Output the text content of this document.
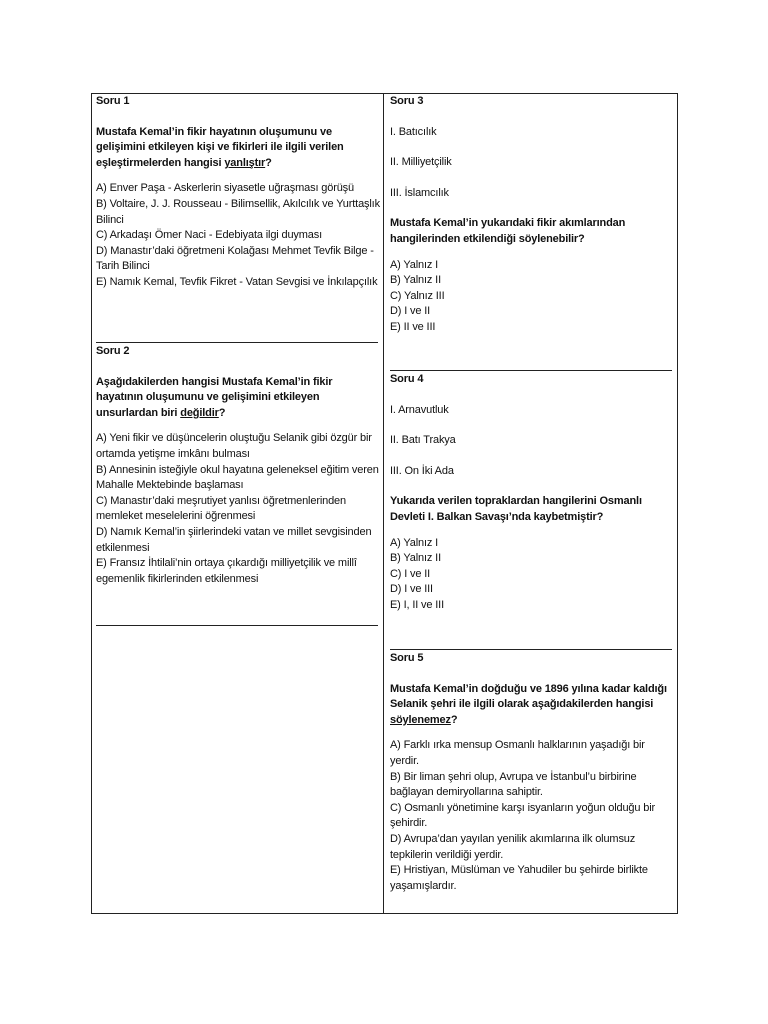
Soru 1

Mustafa Kemal’in fikir hayatının oluşumunu ve gelişimini etkileyen kişi ve fikirleri ile ilgili verilen eşleştirmelerden hangisi yanlıştır?

A) Enver Paşa - Askerlerin siyasetle uğraşması görüşü
B) Voltaire, J. J. Rousseau - Bilimsellik, Akılcılık ve Yurttaşlık Bilinci
C) Arkadaşı Ömer Naci - Edebiyata ilgi duyması
D) Manastır’daki öğretmeni Kolağası Mehmet Tevfik Bilge - Tarih Bilinci
E) Namık Kemal, Tevfik Fikret - Vatan Sevgisi ve İnkılapçılık

Soru 2

Aşağıdakilerden hangisi Mustafa Kemal’in fikir hayatının oluşumunu ve gelişimini etkileyen unsurlardan biri değildir?

A) Yeni fikir ve düşüncelerin oluştuğu Selanik gibi özgür bir ortamda yetişme imkânı bulması
B) Annesinin isteğiyle okul hayatına geleneksel eğitim veren Mahalle Mektebinde başlaması
C) Manastır’daki meşrutiyet yanlısı öğretmenlerinden memleket meselelerini öğrenmesi
D) Namık Kemal’in şiirlerindeki vatan ve millet sevgisinden etkilenmesi
E) Fransız İhtilali’nin ortaya çıkardığı milliyetçilik ve millî egemenlik fikirlerinden etkilenmesi

Soru 3

I. Batıcılık

II. Milliyetçilik

III. İslamcılık

Mustafa Kemal’in yukarıdaki fikir akımlarından hangilerinden etkilendiği söylenebilir?

A) Yalnız I
B) Yalnız II
C) Yalnız III
D) I ve II
E) II ve III

Soru 4

I. Arnavutluk

II. Batı Trakya

III. On İki Ada

Yukarıda verilen topraklardan hangilerini Osmanlı Devleti I. Balkan Savaşı’nda kaybetmiştir?

A) Yalnız I
B) Yalnız II
C) I ve II
D) I ve III
E) I, II ve III

Soru 5

Mustafa Kemal’in doğduğu ve 1896 yılına kadar kaldığı Selanik şehri ile ilgili olarak aşağıdakilerden hangisi söylenemez?

A) Farklı ırka mensup Osmanlı halklarının yaşadığı bir yerdir.
B) Bir liman şehri olup, Avrupa ve İstanbul’u birbirine bağlayan demiryollarına sahiptir.
C) Osmanlı yönetimine karşı isyanların yoğun olduğu bir şehirdir.
D) Avrupa’dan yayılan yenilik akımlarına ilk olumsuz tepkilerin verildiği yerdir.
E) Hristiyan, Müslüman ve Yahudiler bu şehirde birlikte yaşamışlardır.
